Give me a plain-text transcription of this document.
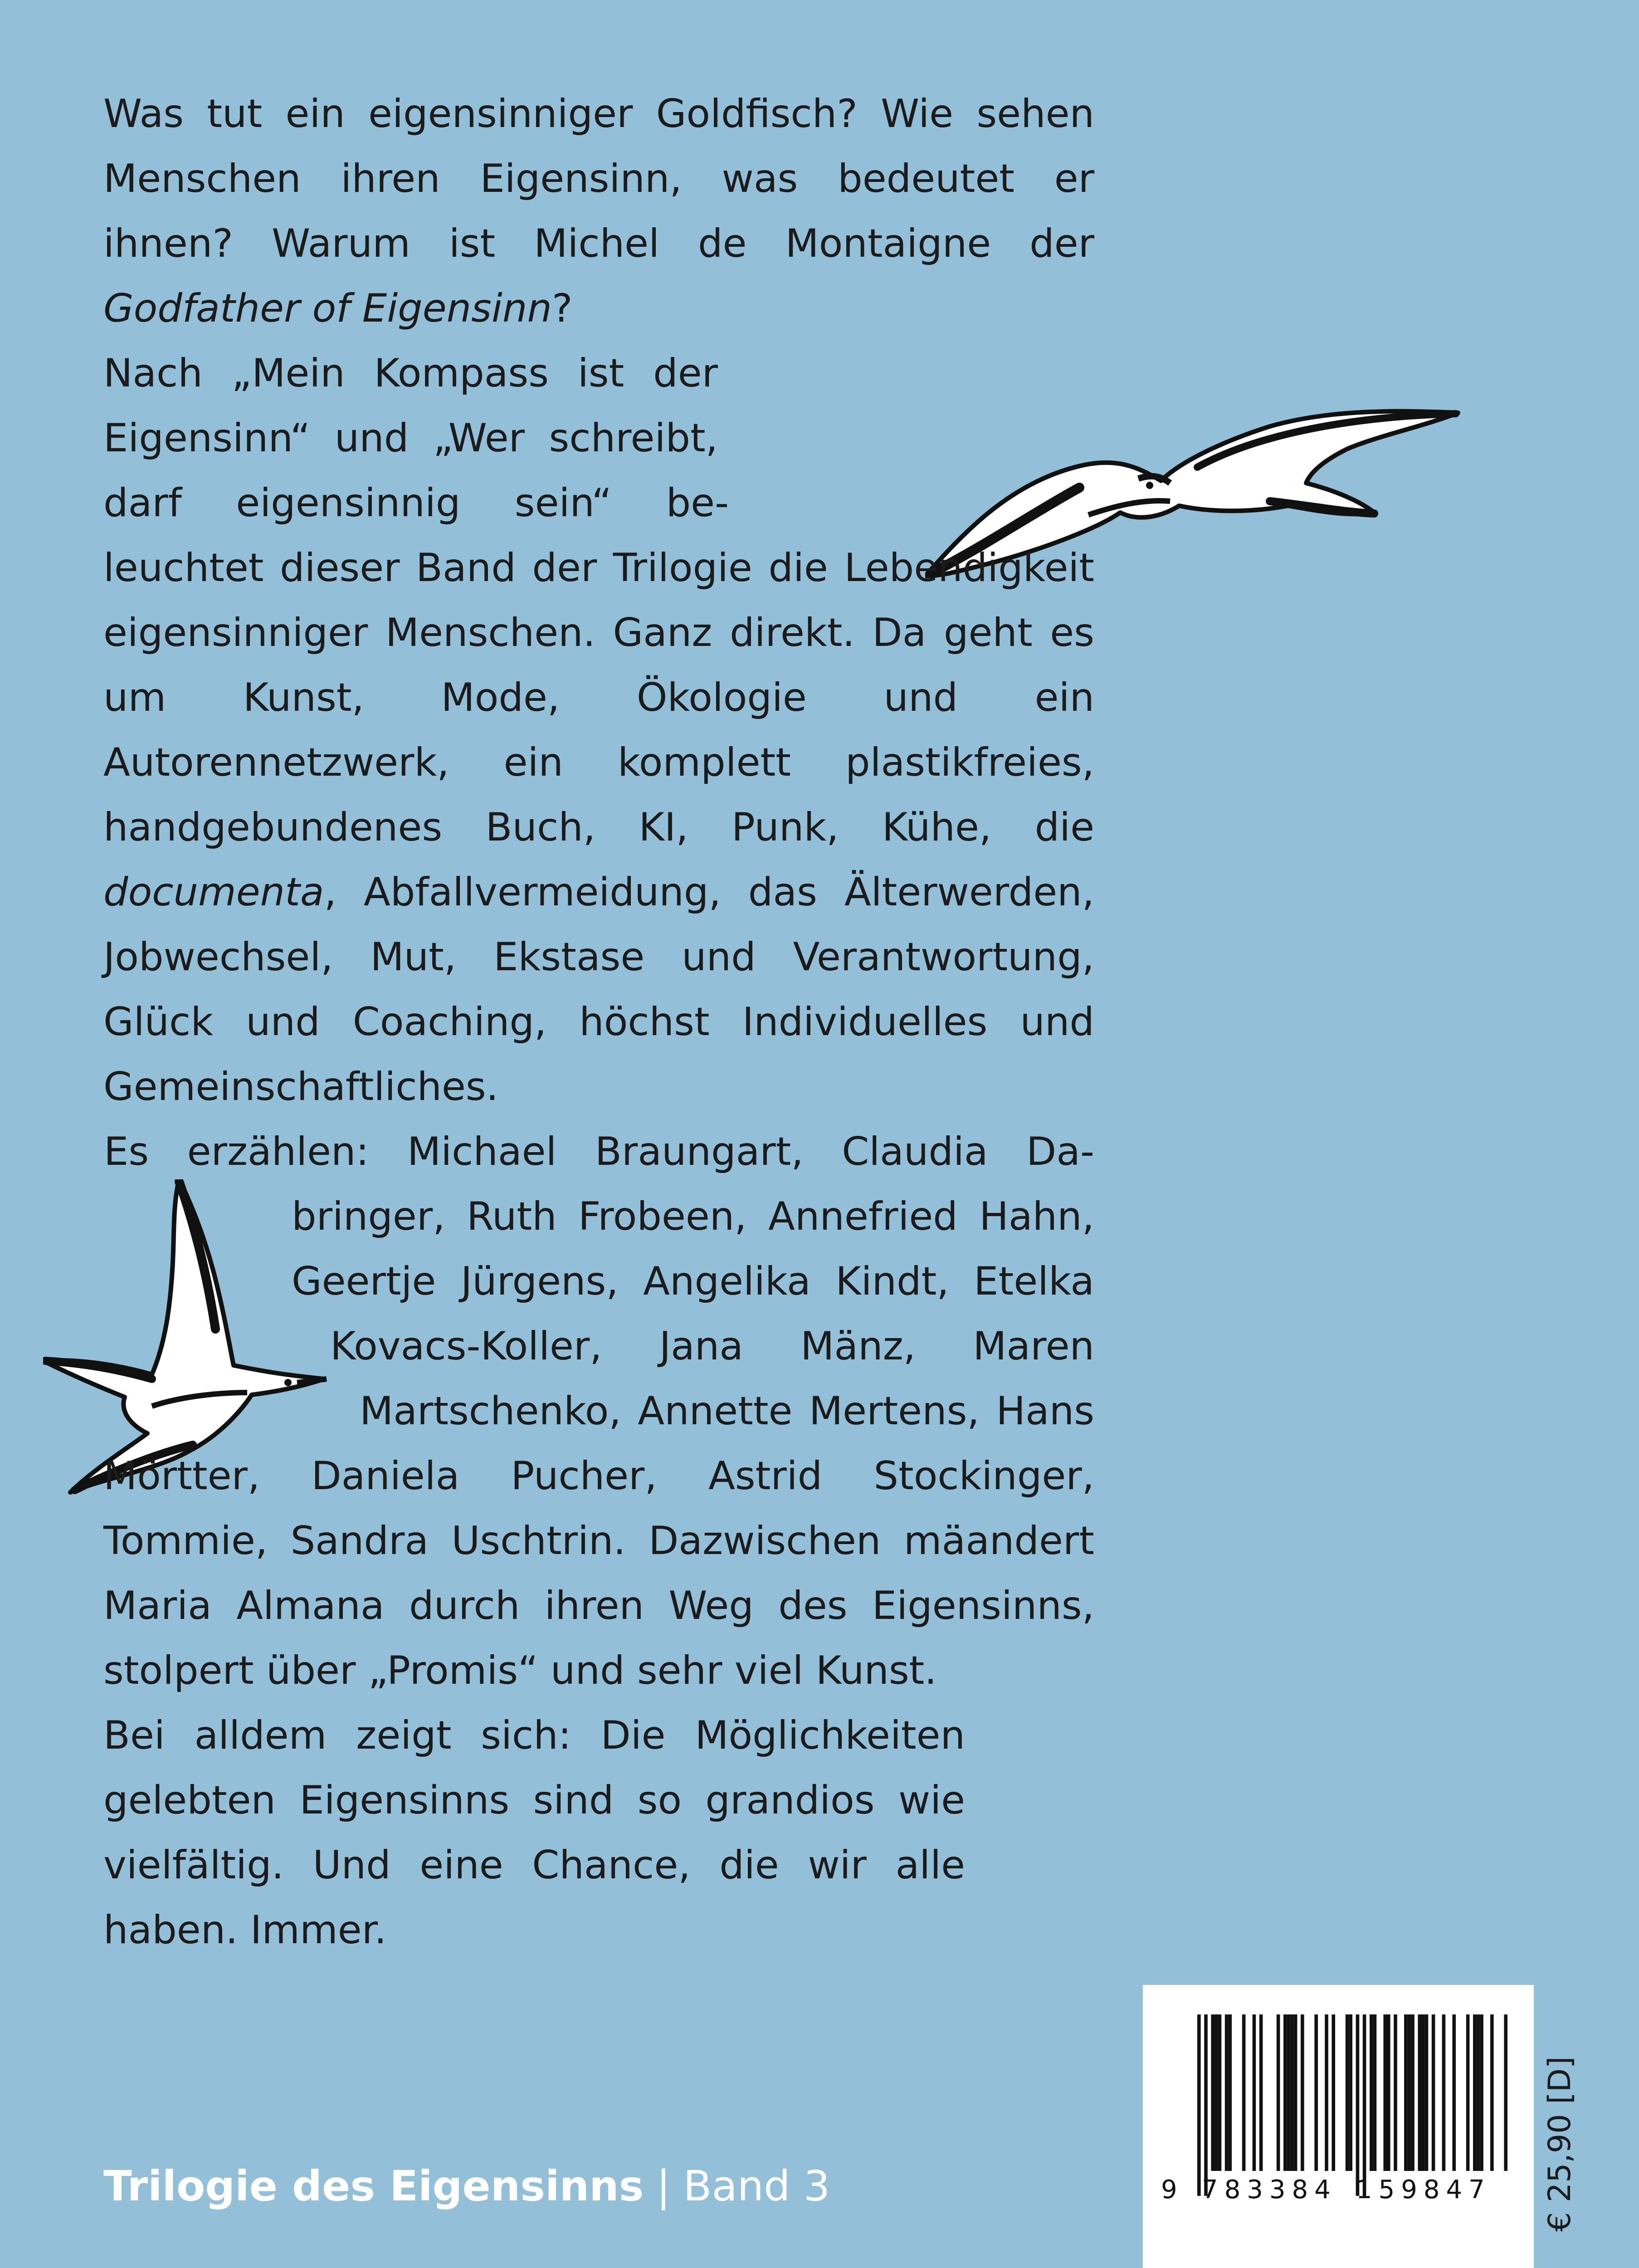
Was tut ein eigensinniger Goldfisch? Wie sehen Menschen ihren Eigensinn, was bedeutet er ihnen? Warum ist Michel de Montaigne der Godfather of Eigensinn?

Nach „Mein Kompass ist der Eigensinn“ und „Wer schreibt, darf eigensinnig sein“ beleuchtet dieser Band der Trilogie die Lebendigkeit eigensinniger Menschen. Ganz direkt. Da geht es um Kunst, Mode, Ökologie und ein Autorennetzwerk, ein komplett plastikfreies, handgebundenes Buch, KI, Punk, Kühe, die documenta, Abfallvermeidung, das Älterwerden, Jobwechsel, Mut, Ekstase und Verantwortung, Glück und Coaching, höchst Individuelles und Gemeinschaftliches.

Es erzählen: Michael Braungart, Claudia Dabringer, Ruth Frobeen, Annefried Hahn, Geertje Jürgens, Angelika Kindt, Etelka Kovacs-Koller, Jana Mänz, Maren Martschenko, Annette Mertens, Hans Mörtter, Daniela Pucher, Astrid Stockinger, Tommie, Sandra Uschtrin. Dazwischen mäandert Maria Almana durch ihren Weg des Eigensinns, stolpert über „Promis“ und sehr viel Kunst.

Bei alldem zeigt sich: Die Möglichkeiten gelebten Eigensinns sind so grandios wie vielfältig. Und eine Chance, die wir alle haben. Immer.

Trilogie des Eigensinns | Band 3	9 783384 159847 € 25,90 [D]
